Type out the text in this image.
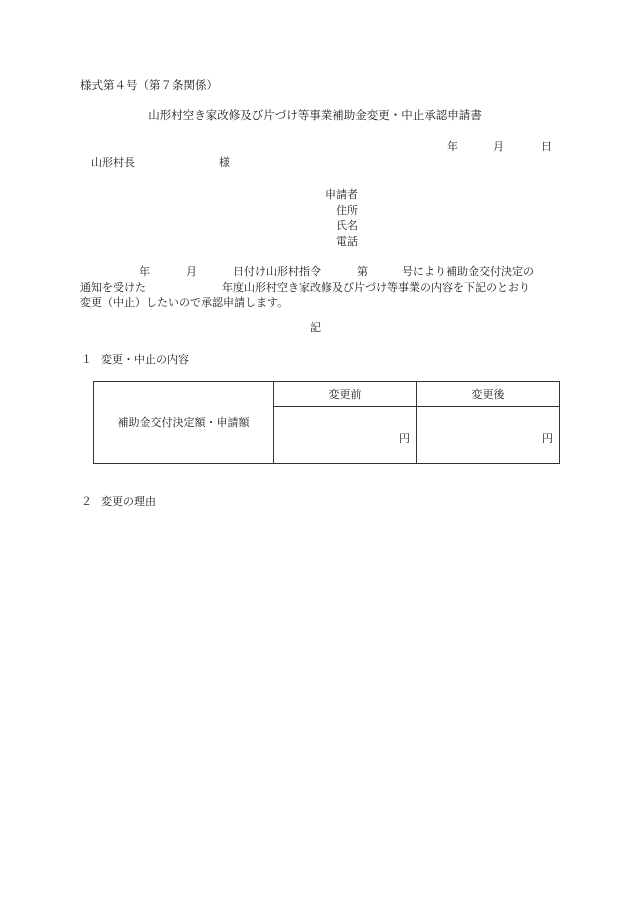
様式第４号（第７条関係）
山形村空き家改修及び片づけ等事業補助金変更・中止承認申請書
年	月	日
山形村長	様
申請者
住所
氏名
電話
年	月	日付け山形村指令	第	号により補助金交付決定の
通知を受けた	年度山形村空き家改修及び片づけ等事業の内容を下記のとおり
変更（中止）したいので承認申請します。
記
１ 変更・中止の内容
補助金交付決定額・申請額	変更前	変更後
	円	円
２ 変更の理由
